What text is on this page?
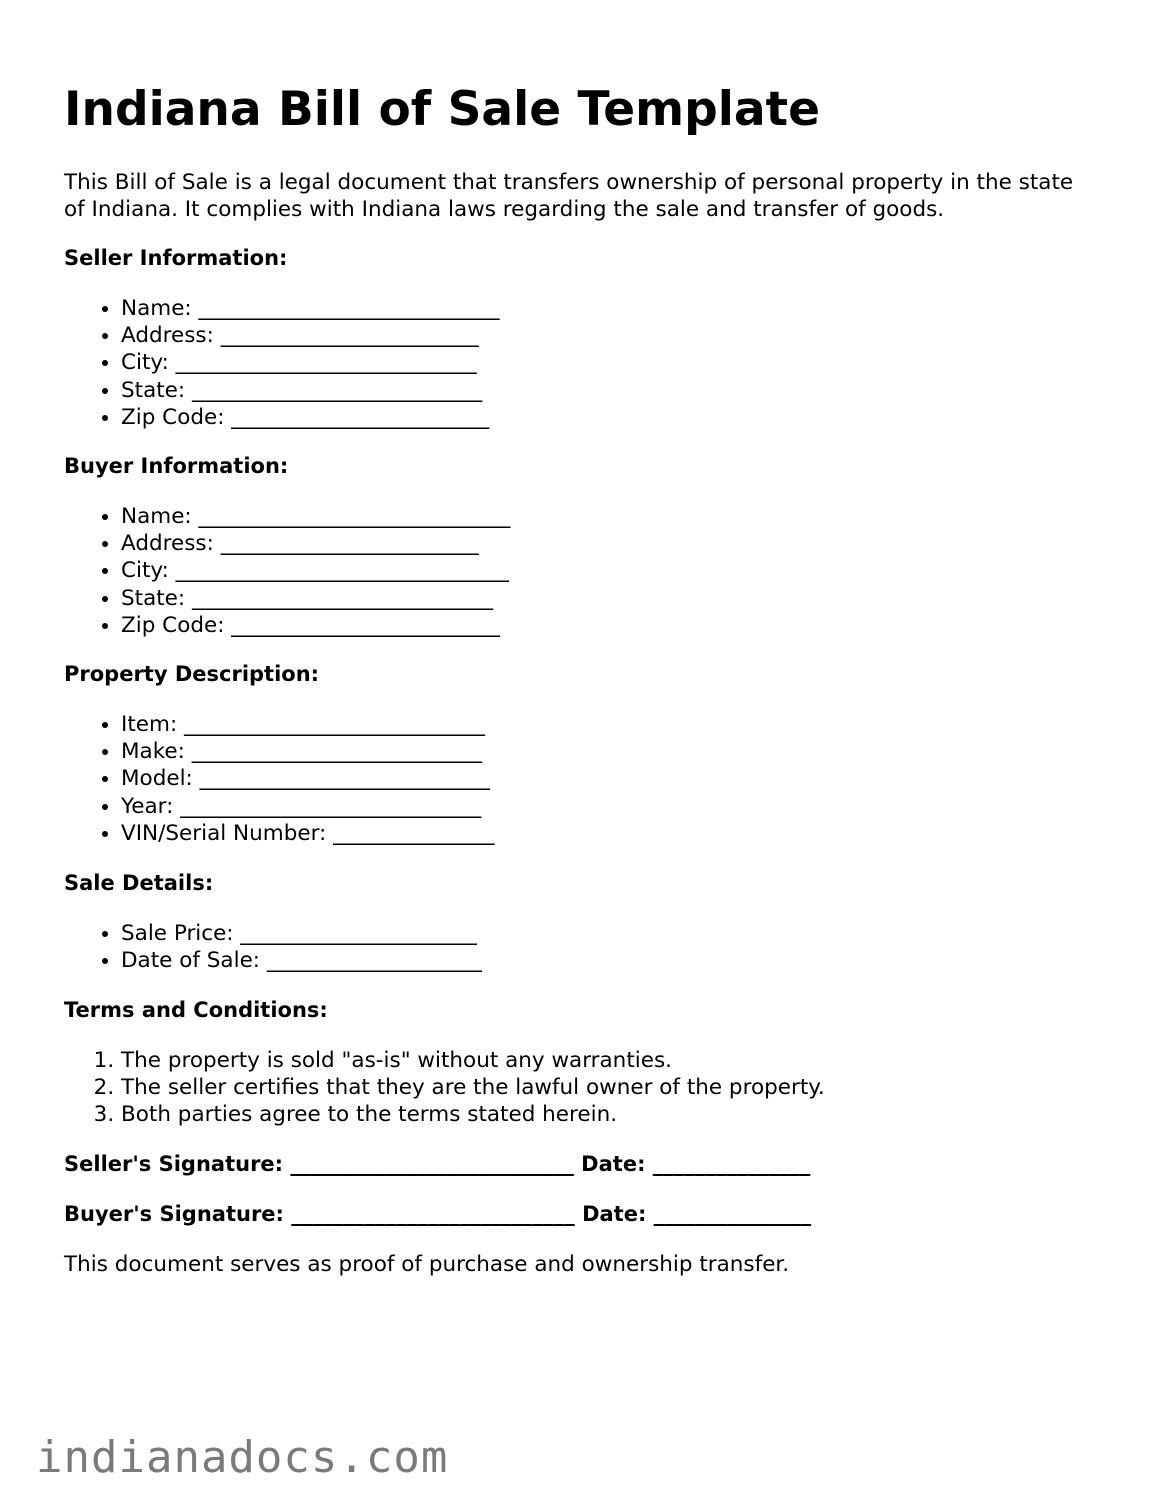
Indiana Bill of Sale Template

This Bill of Sale is a legal document that transfers ownership of personal property in the state of Indiana. It complies with Indiana laws regarding the sale and transfer of goods.

Seller Information:

• Name: ____________________________
• Address: ________________________
• City: ____________________________
• State: ___________________________
• Zip Code: ________________________

Buyer Information:

• Name: _____________________________
• Address: ________________________
• City: _______________________________
• State: ____________________________
• Zip Code: _________________________

Property Description:

• Item: ____________________________
• Make: ___________________________
• Model: ___________________________
• Year: ____________________________
• VIN/Serial Number: _______________

Sale Details:

• Sale Price: ______________________
• Date of Sale: ____________________

Terms and Conditions:

1. The property is sold "as-is" without any warranties.
2. The seller certifies that they are the lawful owner of the property.
3. Both parties agree to the terms stated herein.

Seller's Signature: ___________________________ Date: _______________

Buyer's Signature: ___________________________ Date: _______________

This document serves as proof of purchase and ownership transfer.

indianadocs.com
